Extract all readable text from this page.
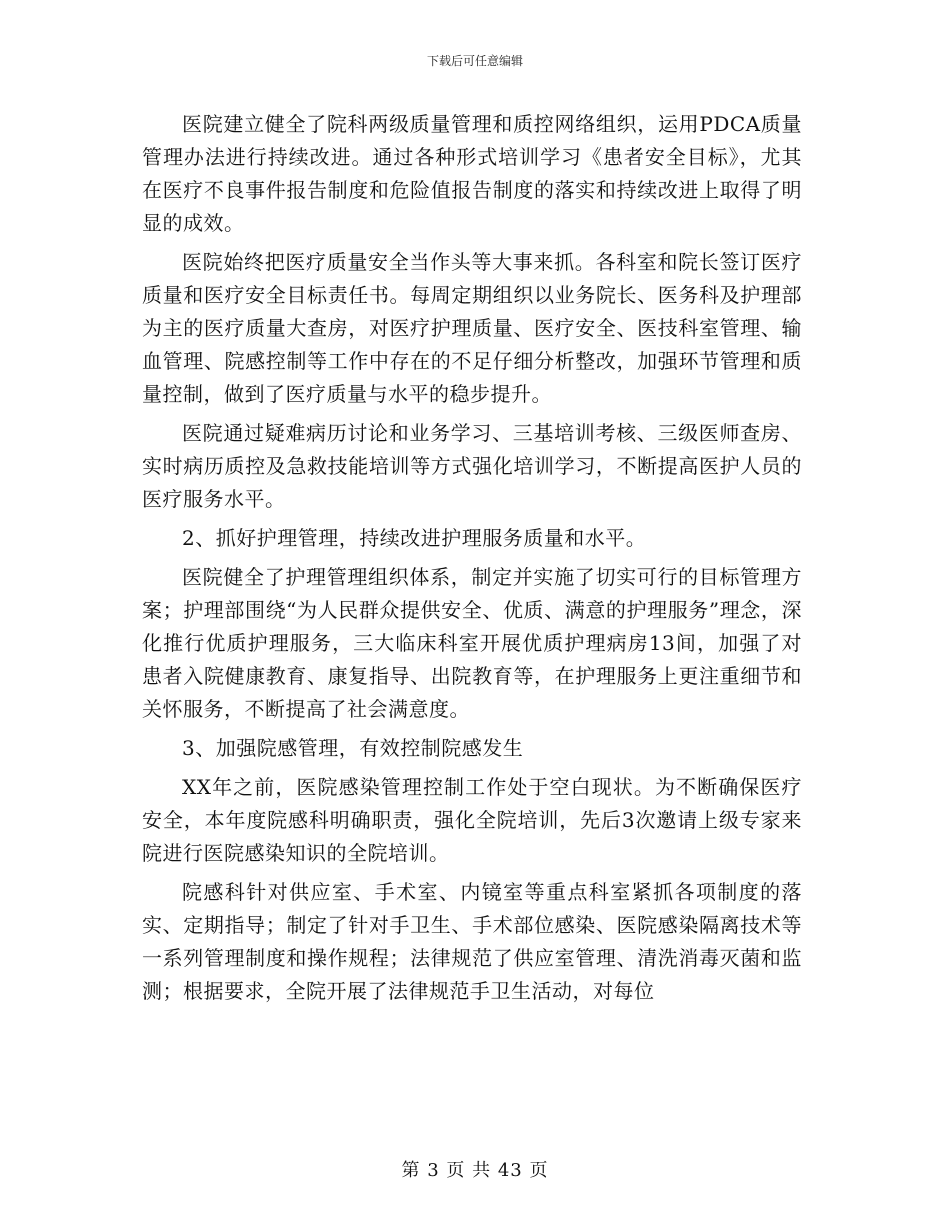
下载后可任意编辑

医院建立健全了院科两级质量管理和质控网络组织，运用PDCA质量管理办法进行持续改进。通过各种形式培训学习《患者安全目标》，尤其在医疗不良事件报告制度和危险值报告制度的落实和持续改进上取得了明显的成效。

医院始终把医疗质量安全当作头等大事来抓。各科室和院长签订医疗质量和医疗安全目标责任书。每周定期组织以业务院长、医务科及护理部为主的医疗质量大查房，对医疗护理质量、医疗安全、医技科室管理、输血管理、院感控制等工作中存在的不足仔细分析整改，加强环节管理和质量控制，做到了医疗质量与水平的稳步提升。

医院通过疑难病历讨论和业务学习、三基培训考核、三级医师查房、实时病历质控及急救技能培训等方式强化培训学习，不断提高医护人员的医疗服务水平。

2、抓好护理管理，持续改进护理服务质量和水平。

医院健全了护理管理组织体系，制定并实施了切实可行的目标管理方案；护理部围绕“为人民群众提供安全、优质、满意的护理服务”理念，深化推行优质护理服务，三大临床科室开展优质护理病房13间，加强了对患者入院健康教育、康复指导、出院教育等，在护理服务上更注重细节和关怀服务，不断提高了社会满意度。

3、加强院感管理，有效控制院感发生

XX年之前，医院感染管理控制工作处于空白现状。为不断确保医疗安全，本年度院感科明确职责，强化全院培训，先后3次邀请上级专家来院进行医院感染知识的全院培训。

院感科针对供应室、手术室、内镜室等重点科室紧抓各项制度的落实、定期指导；制定了针对手卫生、手术部位感染、医院感染隔离技术等一系列管理制度和操作规程；法律规范了供应室管理、清洗消毒灭菌和监测；根据要求，全院开展了法律规范手卫生活动，对每位

第 3 页 共 43 页
